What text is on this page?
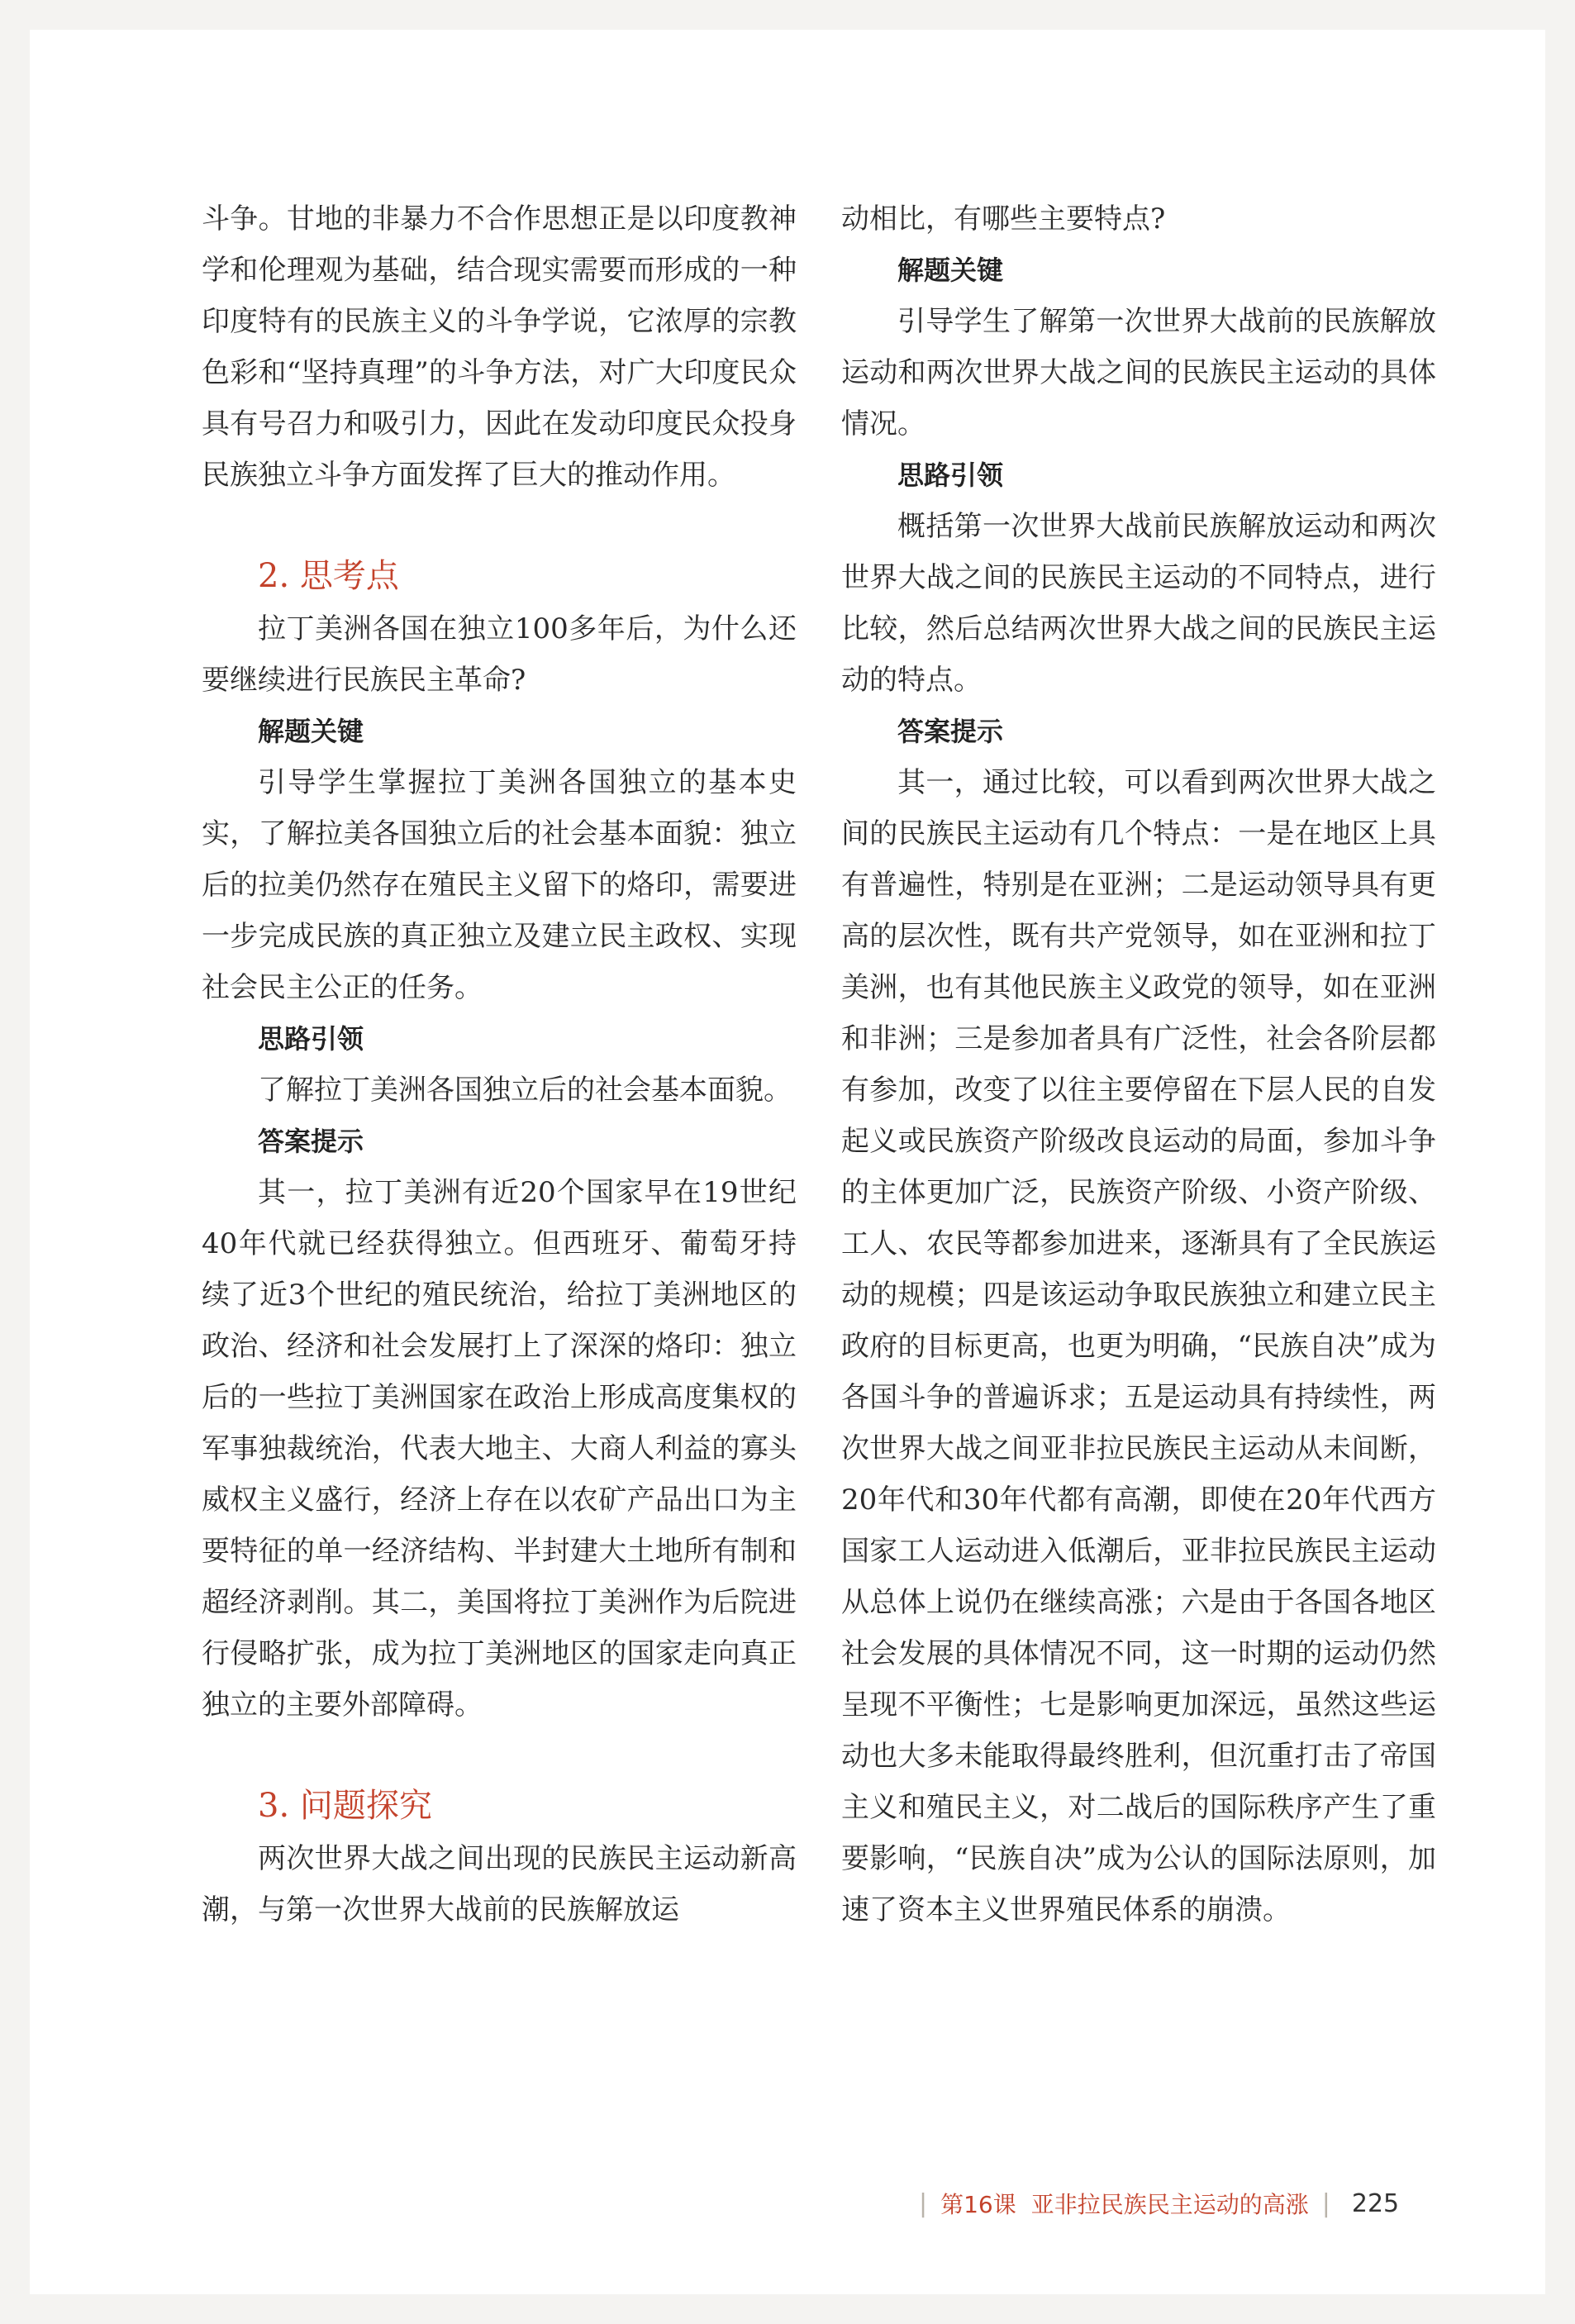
斗争。甘地的非暴力不合作思想正是以印度教神学和伦理观为基础，结合现实需要而形成的一种印度特有的民族主义的斗争学说，它浓厚的宗教色彩和“坚持真理”的斗争方法，对广大印度民众具有号召力和吸引力，因此在发动印度民众投身民族独立斗争方面发挥了巨大的推动作用。

2. 思考点

拉丁美洲各国在独立100多年后，为什么还要继续进行民族民主革命?

解题关键

引导学生掌握拉丁美洲各国独立的基本史实，了解拉美各国独立后的社会基本面貌：独立后的拉美仍然存在殖民主义留下的烙印，需要进一步完成民族的真正独立及建立民主政权、实现社会民主公正的任务。

思路引领

了解拉丁美洲各国独立后的社会基本面貌。

答案提示

其一，拉丁美洲有近20个国家早在19世纪40年代就已经获得独立。但西班牙、葡萄牙持续了近3个世纪的殖民统治，给拉丁美洲地区的政治、经济和社会发展打上了深深的烙印：独立后的一些拉丁美洲国家在政治上形成高度集权的军事独裁统治，代表大地主、大商人利益的寡头威权主义盛行，经济上存在以农矿产品出口为主要特征的单一经济结构、半封建大土地所有制和超经济剥削。其二，美国将拉丁美洲作为后院进行侵略扩张，成为拉丁美洲地区的国家走向真正独立的主要外部障碍。

3. 问题探究

两次世界大战之间出现的民族民主运动新高潮，与第一次世界大战前的民族解放运

动相比，有哪些主要特点?

解题关键

引导学生了解第一次世界大战前的民族解放运动和两次世界大战之间的民族民主运动的具体情况。

思路引领

概括第一次世界大战前民族解放运动和两次世界大战之间的民族民主运动的不同特点，进行比较，然后总结两次世界大战之间的民族民主运动的特点。

答案提示

其一，通过比较，可以看到两次世界大战之间的民族民主运动有几个特点：一是在地区上具有普遍性，特别是在亚洲；二是运动领导具有更高的层次性，既有共产党领导，如在亚洲和拉丁美洲，也有其他民族主义政党的领导，如在亚洲和非洲；三是参加者具有广泛性，社会各阶层都有参加，改变了以往主要停留在下层人民的自发起义或民族资产阶级改良运动的局面，参加斗争的主体更加广泛，民族资产阶级、小资产阶级、工人、农民等都参加进来，逐渐具有了全民族运动的规模；四是该运动争取民族独立和建立民主政府的目标更高，也更为明确，“民族自决”成为各国斗争的普遍诉求；五是运动具有持续性，两次世界大战之间亚非拉民族民主运动从未间断，20年代和30年代都有高潮，即使在20年代西方国家工人运动进入低潮后，亚非拉民族民主运动从总体上说仍在继续高涨；六是由于各国各地区社会发展的具体情况不同，这一时期的运动仍然呈现不平衡性；七是影响更加深远，虽然这些运动也大多未能取得最终胜利，但沉重打击了帝国主义和殖民主义，对二战后的国际秩序产生了重要影响，“民族自决”成为公认的国际法原则，加速了资本主义世界殖民体系的崩溃。

| 第16课 亚非拉民族民主运动的高涨 | 225
